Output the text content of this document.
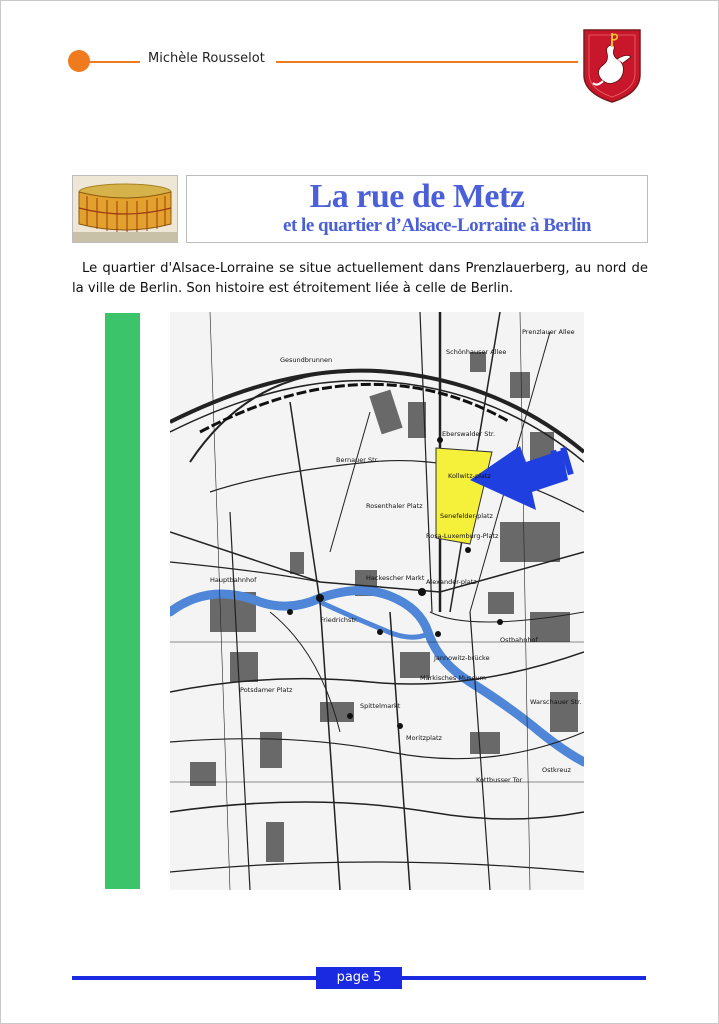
Michèle Rousselot
La rue de Metz
et le quartier d’Alsace-Lorraine à Berlin
Le quartier d'Alsace-Lorraine se situe actuellement dans Prenzlauerberg, au nord de la ville de Berlin. Son histoire est étroitement liée à celle de Berlin.
Alexander-platz
Schönhauser Allee
Prenzlauer Allee
Kollwitz-platz
Senefelder-platz
Rosa-Luxemburg-Platz
Gesundbrunnen
Hauptbahnhof	Hackescher Markt
Friedrichstr.
Jannowitz-brücke
Ostbahnhof
Märkisches Museum
Moritzplatz
Kottbusser Tor
Ostkreuz
Warschauer Str.
Spittelmarkt
Potsdamer Platz
Rosenthaler Platz
Bernauer Str.
Eberswalder Str.
page 5
